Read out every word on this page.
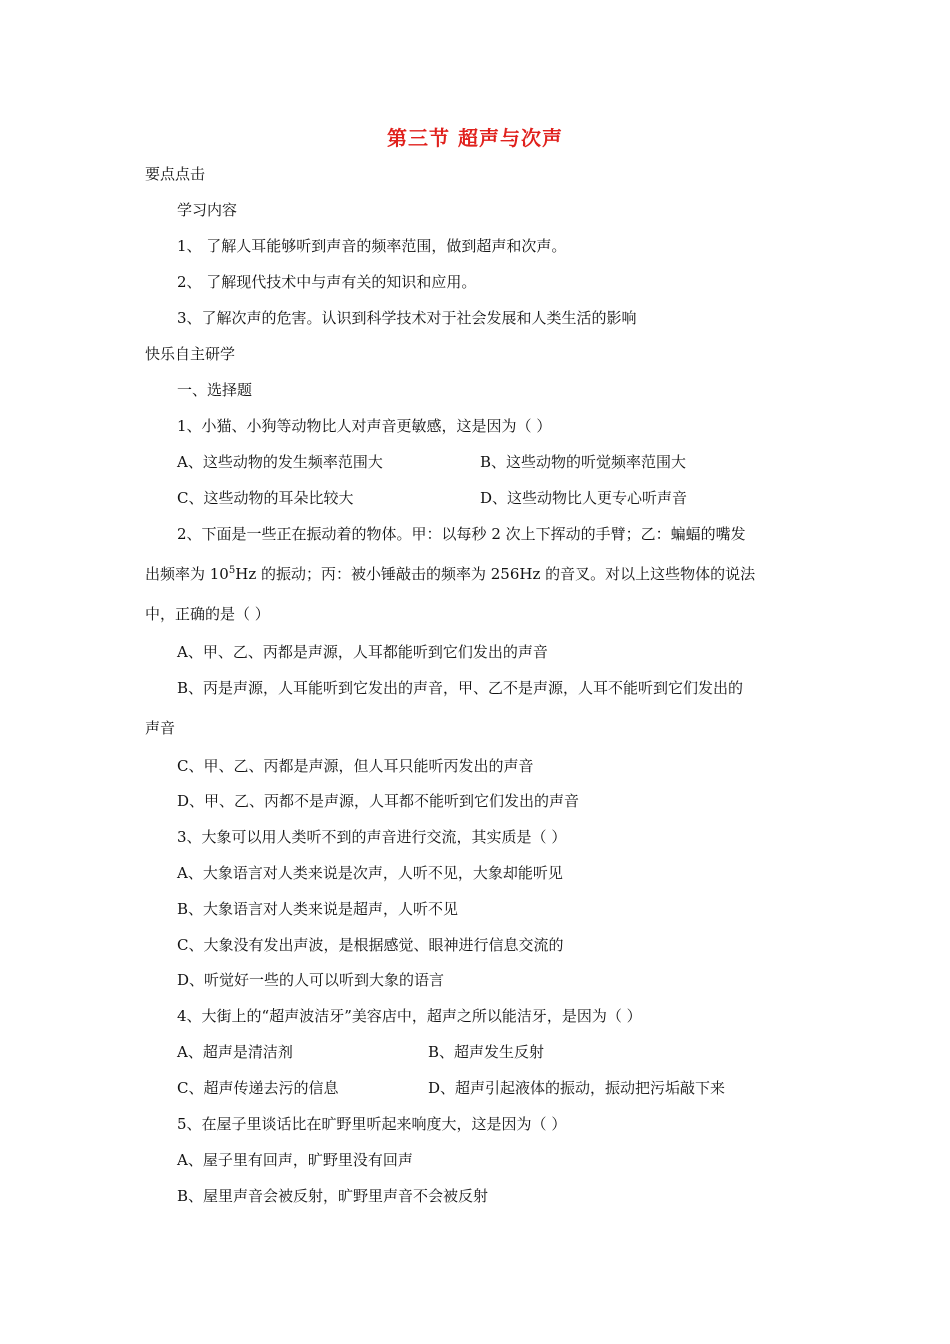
第三节 超声与次声
要点点击
学习内容
1、 了解人耳能够听到声音的频率范围，做到超声和次声。
2、 了解现代技术中与声有关的知识和应用。
3、了解次声的危害。认识到科学技术对于社会发展和人类生活的影响
快乐自主研学
一、选择题
1、小猫、小狗等动物比人对声音更敏感，这是因为（ ）
A、这些动物的发生频率范围大	B、这些动物的听觉频率范围大
C、这些动物的耳朵比较大	D、这些动物比人更专心听声音
2、下面是一些正在振动着的物体。甲：以每秒 2 次上下挥动的手臂；乙：蝙蝠的嘴发
出频率为 $10^5Hz$ 的振动；丙：被小锤敲击的频率为 256Hz 的音叉。对以上这些物体的说法
中，正确的是（ ）
A、甲、乙、丙都是声源，人耳都能听到它们发出的声音
B、丙是声源，人耳能听到它发出的声音，甲、乙不是声源，人耳不能听到它们发出的
声音
C、甲、乙、丙都是声源，但人耳只能听丙发出的声音
D、甲、乙、丙都不是声源，人耳都不能听到它们发出的声音
3、大象可以用人类听不到的声音进行交流，其实质是（ ）
A、大象语言对人类来说是次声，人听不见，大象却能听见
B、大象语言对人类来说是超声，人听不见
C、大象没有发出声波，是根据感觉、眼神进行信息交流的
D、听觉好一些的人可以听到大象的语言
4、大街上的“超声波洁牙”美容店中，超声之所以能洁牙，是因为（ ）
A、超声是清洁剂	B、超声发生反射
C、超声传递去污的信息	D、超声引起液体的振动，振动把污垢敲下来
5、在屋子里谈话比在旷野里听起来响度大，这是因为（ ）
A、屋子里有回声，旷野里没有回声
B、屋里声音会被反射，旷野里声音不会被反射
